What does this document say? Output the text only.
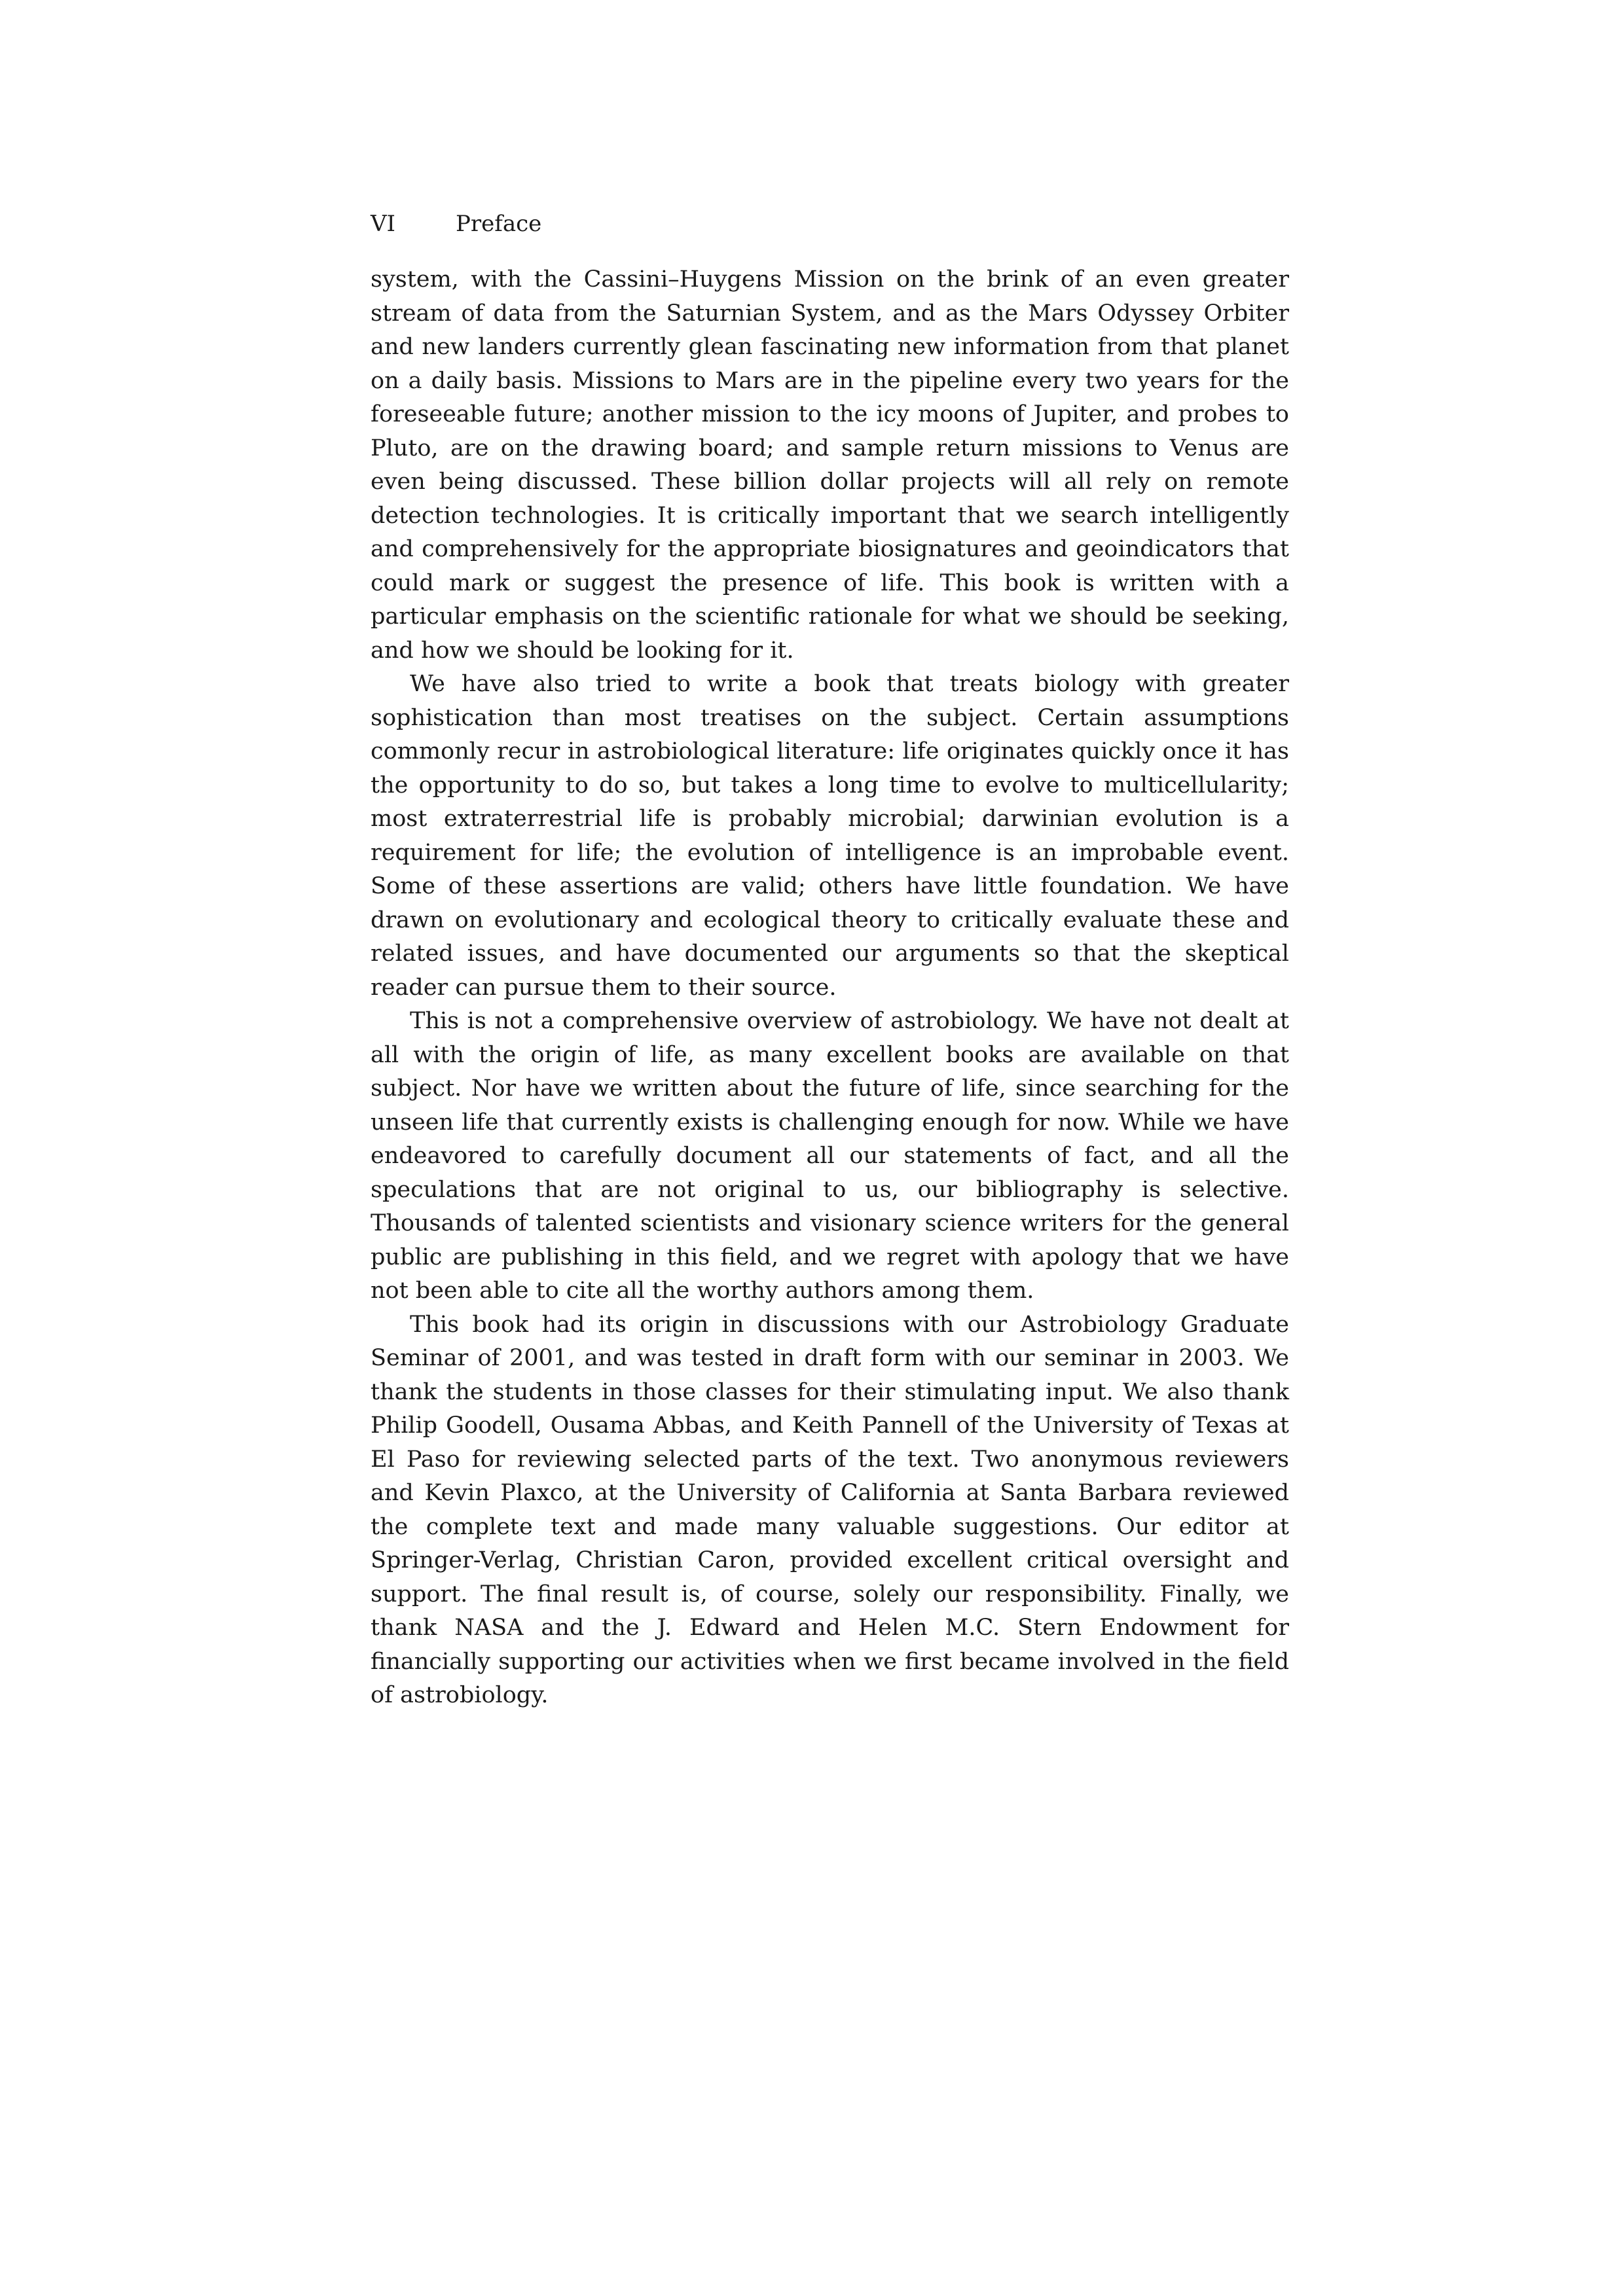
VI	Preface

system, with the Cassini–Huygens Mission on the brink of an even greater stream of data from the Saturnian System, and as the Mars Odyssey Orbiter and new landers currently glean fascinating new information from that planet on a daily basis. Missions to Mars are in the pipeline every two years for the foreseeable future; another mission to the icy moons of Jupiter, and probes to Pluto, are on the drawing board; and sample return missions to Venus are even being discussed. These billion dollar projects will all rely on remote detection technologies. It is critically important that we search intelligently and comprehensively for the appropriate biosignatures and geoindicators that could mark or suggest the presence of life. This book is written with a particular emphasis on the scientific rationale for what we should be seeking, and how we should be looking for it.

We have also tried to write a book that treats biology with greater sophistication than most treatises on the subject. Certain assumptions commonly recur in astrobiological literature: life originates quickly once it has the opportunity to do so, but takes a long time to evolve to multicellularity; most extraterrestrial life is probably microbial; darwinian evolution is a requirement for life; the evolution of intelligence is an improbable event. Some of these assertions are valid; others have little foundation. We have drawn on evolutionary and ecological theory to critically evaluate these and related issues, and have documented our arguments so that the skeptical reader can pursue them to their source.

This is not a comprehensive overview of astrobiology. We have not dealt at all with the origin of life, as many excellent books are available on that subject. Nor have we written about the future of life, since searching for the unseen life that currently exists is challenging enough for now. While we have endeavored to carefully document all our statements of fact, and all the speculations that are not original to us, our bibliography is selective. Thousands of talented scientists and visionary science writers for the general public are publishing in this field, and we regret with apology that we have not been able to cite all the worthy authors among them.

This book had its origin in discussions with our Astrobiology Graduate Seminar of 2001, and was tested in draft form with our seminar in 2003. We thank the students in those classes for their stimulating input. We also thank Philip Goodell, Ousama Abbas, and Keith Pannell of the University of Texas at El Paso for reviewing selected parts of the text. Two anonymous reviewers and Kevin Plaxco, at the University of California at Santa Barbara reviewed the complete text and made many valuable suggestions. Our editor at Springer-Verlag, Christian Caron, provided excellent critical oversight and support. The final result is, of course, solely our responsibility. Finally, we thank NASA and the J. Edward and Helen M.C. Stern Endowment for financially supporting our activities when we first became involved in the field of astrobiology.
